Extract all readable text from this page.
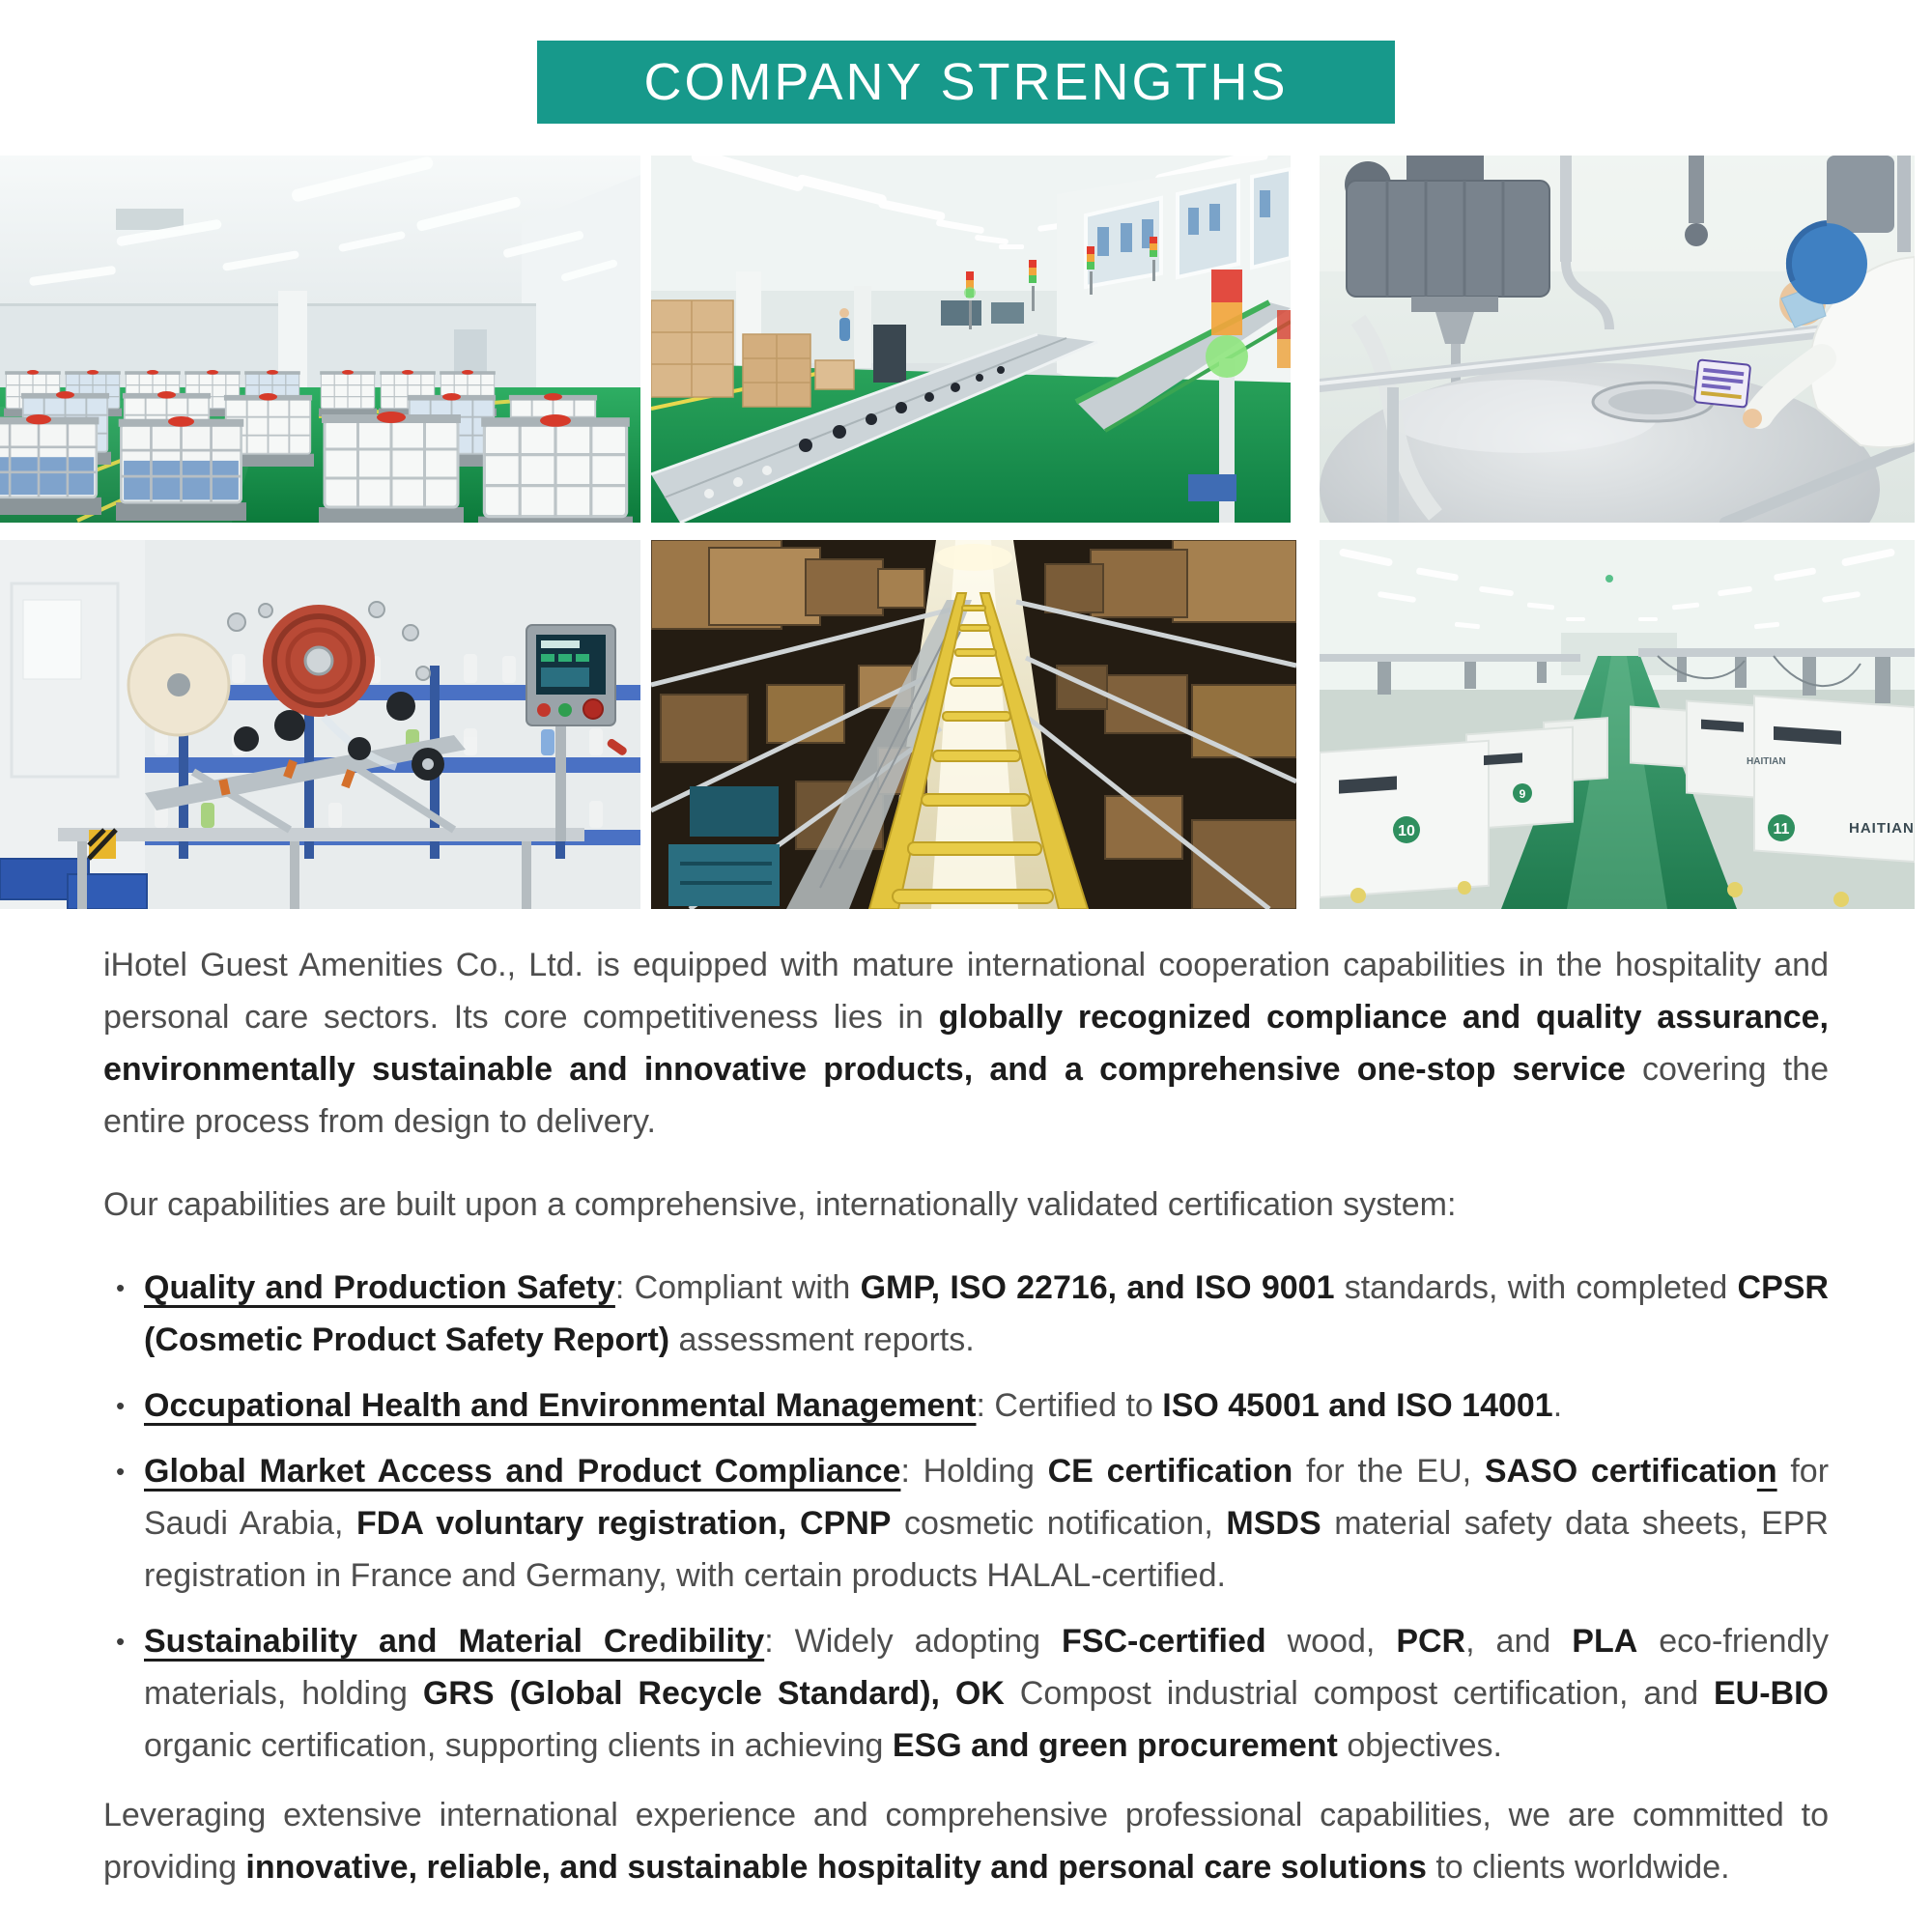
COMPANY STRENGTHS
10
9
11	HAITIAN
HAITIAN

iHotel Guest Amenities Co., Ltd. is equipped with mature international cooperation capabilities in the hospitality and personal care sectors. Its core competitiveness lies in globally recognized compliance and quality assurance, environmentally sustainable and innovative products, and a comprehensive one-stop service covering the entire process from design to delivery.

Our capabilities are built upon a comprehensive, internationally validated certification system:

• Quality and Production Safety: Compliant with GMP, ISO 22716, and ISO 9001 standards, with completed CPSR (Cosmetic Product Safety Report) assessment reports.
• Occupational Health and Environmental Management: Certified to ISO 45001 and ISO 14001.
• Global Market Access and Product Compliance: Holding CE certification for the EU, SASO certification for Saudi Arabia, FDA voluntary registration, CPNP cosmetic notification, MSDS material safety data sheets, EPR registration in France and Germany, with certain products HALAL-certified.
• Sustainability and Material Credibility: Widely adopting FSC-certified wood, PCR, and PLA eco-friendly materials, holding GRS (Global Recycle Standard), OK Compost industrial compost certification, and EU-BIO organic certification, supporting clients in achieving ESG and green procurement objectives.

Leveraging extensive international experience and comprehensive professional capabilities, we are committed to providing innovative, reliable, and sustainable hospitality and personal care solutions to clients worldwide.
